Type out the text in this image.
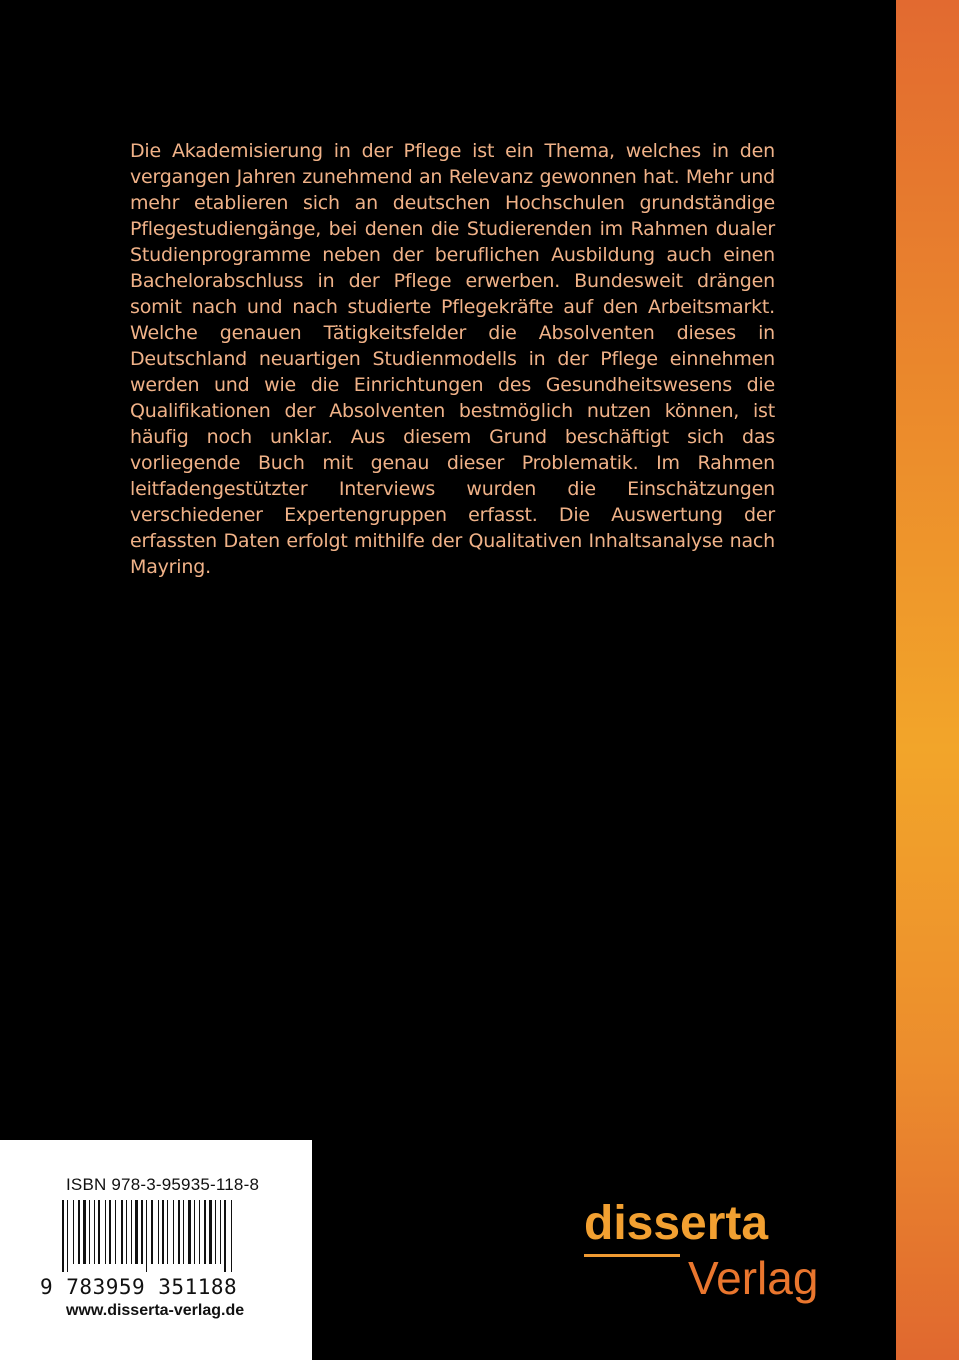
Die Akademisierung in der Pflege ist ein Thema, welches in den vergangen Jahren zunehmend an Relevanz gewonnen hat. Mehr und mehr etablieren sich an deutschen Hochschulen grundständige Pflegestudiengänge, bei denen die Studierenden im Rahmen dualer Studienprogramme neben der beruflichen Ausbildung auch einen Bachelorabschluss in der Pflege erwerben. Bundesweit drängen somit nach und nach studierte Pflegekräfte auf den Arbeitsmarkt. Welche genauen Tätigkeitsfelder die Absolventen dieses in Deutschland neuartigen Studienmodells in der Pflege einnehmen werden und wie die Einrichtungen des Gesundheitswesens die Qualifikationen der Absolventen bestmöglich nutzen können, ist häufig noch unklar. Aus diesem Grund beschäftigt sich das vorliegende Buch mit genau dieser Problematik. Im Rahmen leitfadengestützter Interviews wurden die Einschätzungen verschiedener Expertengruppen erfasst. Die Auswertung der erfassten Daten erfolgt mithilfe der Qualitativen Inhaltsanalyse nach Mayring.

ISBN 978-3-95935-118-8
9 783959 351188
www.disserta-verlag.de
disserta
Verlag
